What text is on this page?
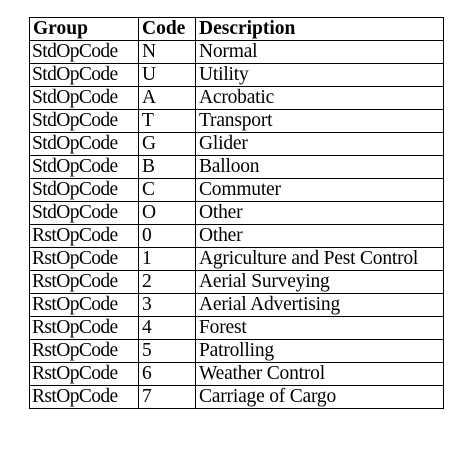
Group	Code	Description
StdOpCode	N	Normal
StdOpCode	U	Utility
StdOpCode	A	Acrobatic
StdOpCode	T	Transport
StdOpCode	G	Glider
StdOpCode	B	Balloon
StdOpCode	C	Commuter
StdOpCode	O	Other
RstOpCode	0	Other
RstOpCode	1	Agriculture and Pest Control
RstOpCode	2	Aerial Surveying
RstOpCode	3	Aerial Advertising
RstOpCode	4	Forest
RstOpCode	5	Patrolling
RstOpCode	6	Weather Control
RstOpCode	7	Carriage of Cargo
